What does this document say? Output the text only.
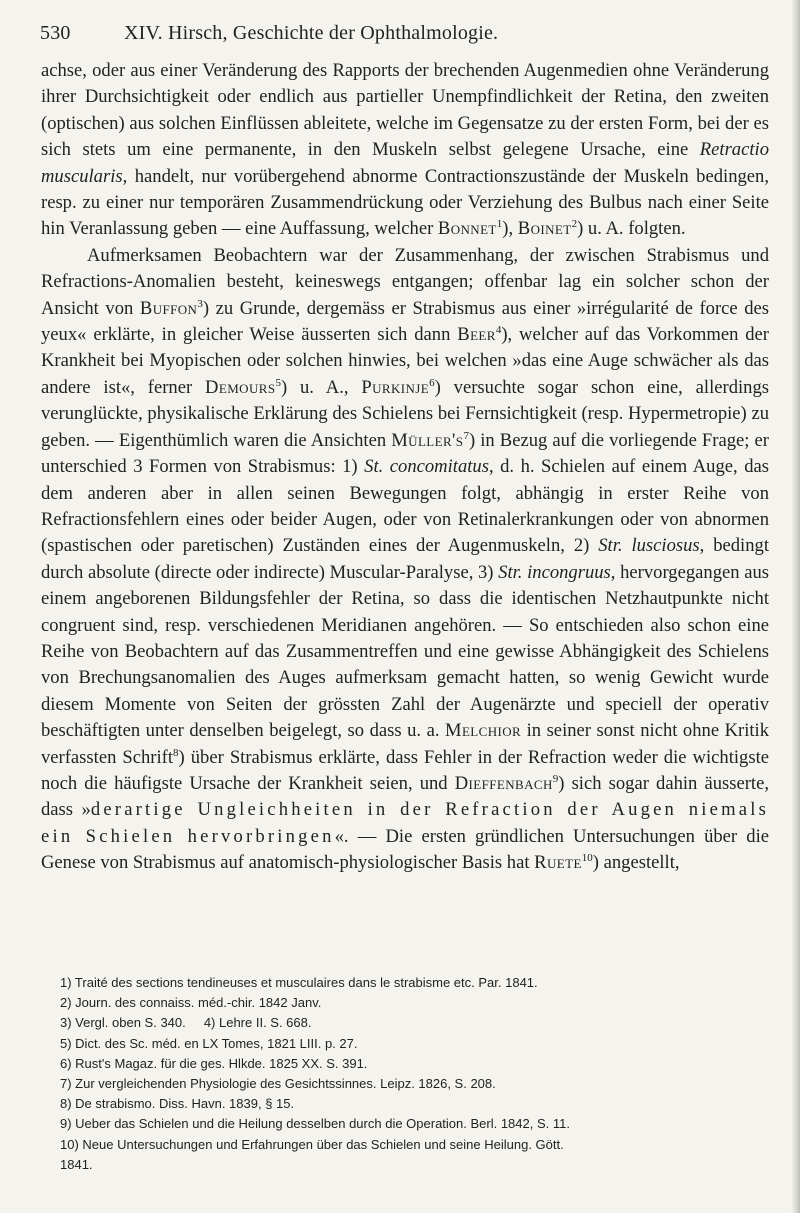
530	XIV. Hirsch, Geschichte der Ophthalmologie.

achse, oder aus einer Veränderung des Rapports der brechenden Augenmedien ohne Veränderung ihrer Durchsichtigkeit oder endlich aus partieller Unempfindlichkeit der Retina, den zweiten (optischen) aus solchen Einflüssen ableitete, welche im Gegensatze zu der ersten Form, bei der es sich stets um eine permanente, in den Muskeln selbst gelegene Ursache, eine Retractio muscularis, handelt, nur vorübergehend abnorme Contractionszustände der Muskeln bedingen, resp. zu einer nur temporären Zusammendrückung oder Verziehung des Bulbus nach einer Seite hin Veranlassung geben — eine Auffassung, welcher Bonnet$^1$), Boinet$^2$) u. A. folgten.

Aufmerksamen Beobachtern war der Zusammenhang, der zwischen Strabismus und Refractions-Anomalien besteht, keineswegs entgangen; offenbar lag ein solcher schon der Ansicht von Buffon$^3$) zu Grunde, dergemäss er Strabismus aus einer »irrégularité de force des yeux« erklärte, in gleicher Weise äusserten sich dann Beer$^4$), welcher auf das Vorkommen der Krankheit bei Myopischen oder solchen hinwies, bei welchen »das eine Auge schwächer als das andere ist«, ferner Demours$^5$) u. A., Purkinje$^6$) versuchte sogar schon eine, allerdings verunglückte, physikalische Erklärung des Schielens bei Fernsichtigkeit (resp. Hypermetropie) zu geben. — Eigenthümlich waren die Ansichten $Müller's^7$) in Bezug auf die vorliegende Frage; er unterschied 3 Formen von Strabismus: 1) St. concomitatus, d. h. Schielen auf einem Auge, das dem anderen aber in allen seinen Bewegungen folgt, abhängig in erster Reihe von Refractionsfehlern eines oder beider Augen, oder von Retinalerkrankungen oder von abnormen (spastischen oder paretischen) Zuständen eines der Augenmuskeln, 2) Str. lusciosus, bedingt durch absolute (directe oder indirecte) Muscular-Paralyse, 3) Str. incongruus, hervorgegangen aus einem angeborenen Bildungsfehler der Retina, so dass die identischen Netzhautpunkte nicht congruent sind, resp. verschiedenen Meridianen angehören. — So entschieden also schon eine Reihe von Beobachtern auf das Zusammentreffen und eine gewisse Abhängigkeit des Schielens von Brechungsanomalien des Auges aufmerksam gemacht hatten, so wenig Gewicht wurde diesem Momente von Seiten der grössten Zahl der Augenärzte und speciell der operativ beschäftigten unter denselben beigelegt, so dass u. a. Melchior in seiner sonst nicht ohne Kritik verfassten Schrift$^8$) über Strabismus erklärte, dass Fehler in der Refraction weder die wichtigste noch die häufigste Ursache der Krankheit seien, und Dieffenbach$^9$) sich sogar dahin äusserte, dass »derartige Ungleichheiten in der Refraction der Augen niemals ein Schielen hervorbringen«. — Die ersten gründlichen Untersuchungen über die Genese von Strabismus auf anatomisch-physiologischer Basis hat Ruete$^{10}$) angestellt,

1) Traité des sections tendineuses et musculaires dans le strabisme etc. Par. 1841.
2) Journ. des connaiss. méd.-chir. 1842 Janv.
3) Vergl. oben S. 340.     4) Lehre II. S. 668.
5) Dict. des Sc. méd. en LX Tomes, 1821 LIII. p. 27.
6) Rust's Magaz. für die ges. Hlkde. 1825 XX. S. 391.
7) Zur vergleichenden Physiologie des Gesichtssinnes. Leipz. 1826, S. 208.
8) De strabismo. Diss. Havn. 1839, § 15.
9) Ueber das Schielen und die Heilung desselben durch die Operation. Berl. 1842, S. 11.
10) Neue Untersuchungen und Erfahrungen über das Schielen und seine Heilung. Gött.
1841.
